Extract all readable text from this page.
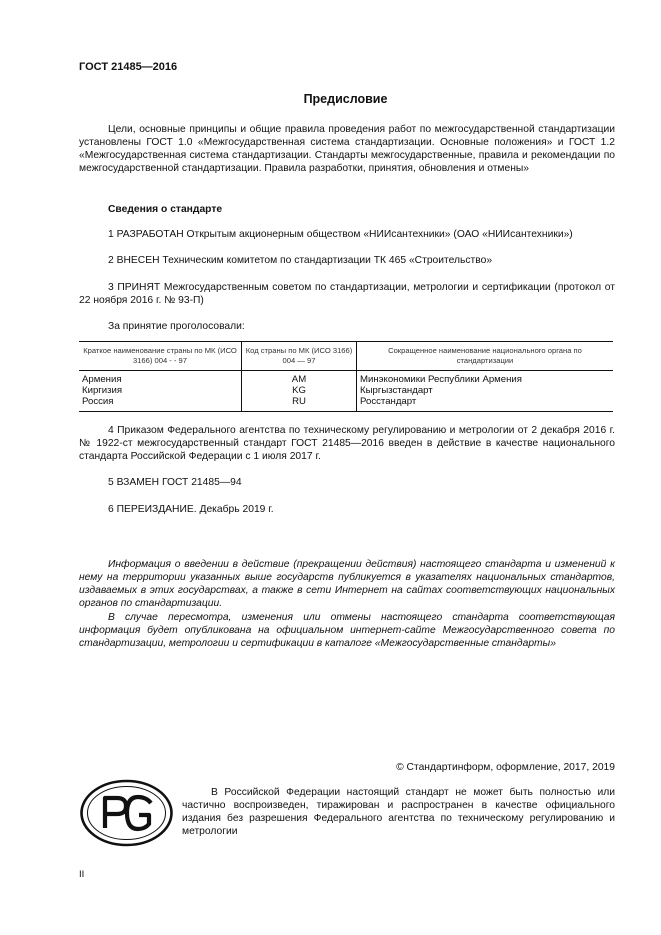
ГОСТ 21485—2016
Предисловие
Цели, основные принципы и общие правила проведения работ по межгосударственной стандартизации установлены ГОСТ 1.0 «Межгосударственная система стандартизации. Основные положения» и ГОСТ 1.2 «Межгосударственная система стандартизации. Стандарты межгосударственные, правила и рекомендации по межгосударственной стандартизации. Правила разработки, принятия, обновления и отмены»
Сведения о стандарте
1 РАЗРАБОТАН Открытым акционерным обществом «НИИсантехники» (ОАО «НИИсантехники»)
2 ВНЕСЕН Техническим комитетом по стандартизации ТК 465 «Строительство»
3 ПРИНЯТ Межгосударственным советом по стандартизации, метрологии и сертификации (протокол от 22 ноября 2016 г. № 93-П)
За принятие проголосовали:
Краткое наименование страны по МК (ИСО 3166) 004 - - 97	Код страны по МК (ИСО 3166) 004 — 97	Сокращенное наименование национального органа по стандартизации
Армения	AM	Минэкономики Республики Армения
Киргизия	KG	Кыргызстандарт
Россия	RU	Росстандарт
4 Приказом Федерального агентства по техническому регулированию и метрологии от 2 декабря 2016 г. № 1922-ст межгосударственный стандарт ГОСТ 21485—2016 введен в действие в качестве национального стандарта Российской Федерации с 1 июля 2017 г.
5 ВЗАМЕН ГОСТ 21485—94
6 ПЕРЕИЗДАНИЕ. Декабрь 2019 г.
Информация о введении в действие (прекращении действия) настоящего стандарта и изменений к нему на территории указанных выше государств публикуется в указателях национальных стандартов, издаваемых в этих государствах, а также в сети Интернет на сайтах соответствующих национальных органов по стандартизации.
В случае пересмотра, изменения или отмены настоящего стандарта соответствующая информация будет опубликована на официальном интернет-сайте Межгосударственного совета по стандартизации, метрологии и сертификации в каталоге «Межгосударственные стандарты»
© Стандартинформ, оформление, 2017, 2019
В Российской Федерации настоящий стандарт не может быть полностью или частично воспроизведен, тиражирован и распространен в качестве официального издания без разрешения Федерального агентства по техническому регулированию и метрологии
II
